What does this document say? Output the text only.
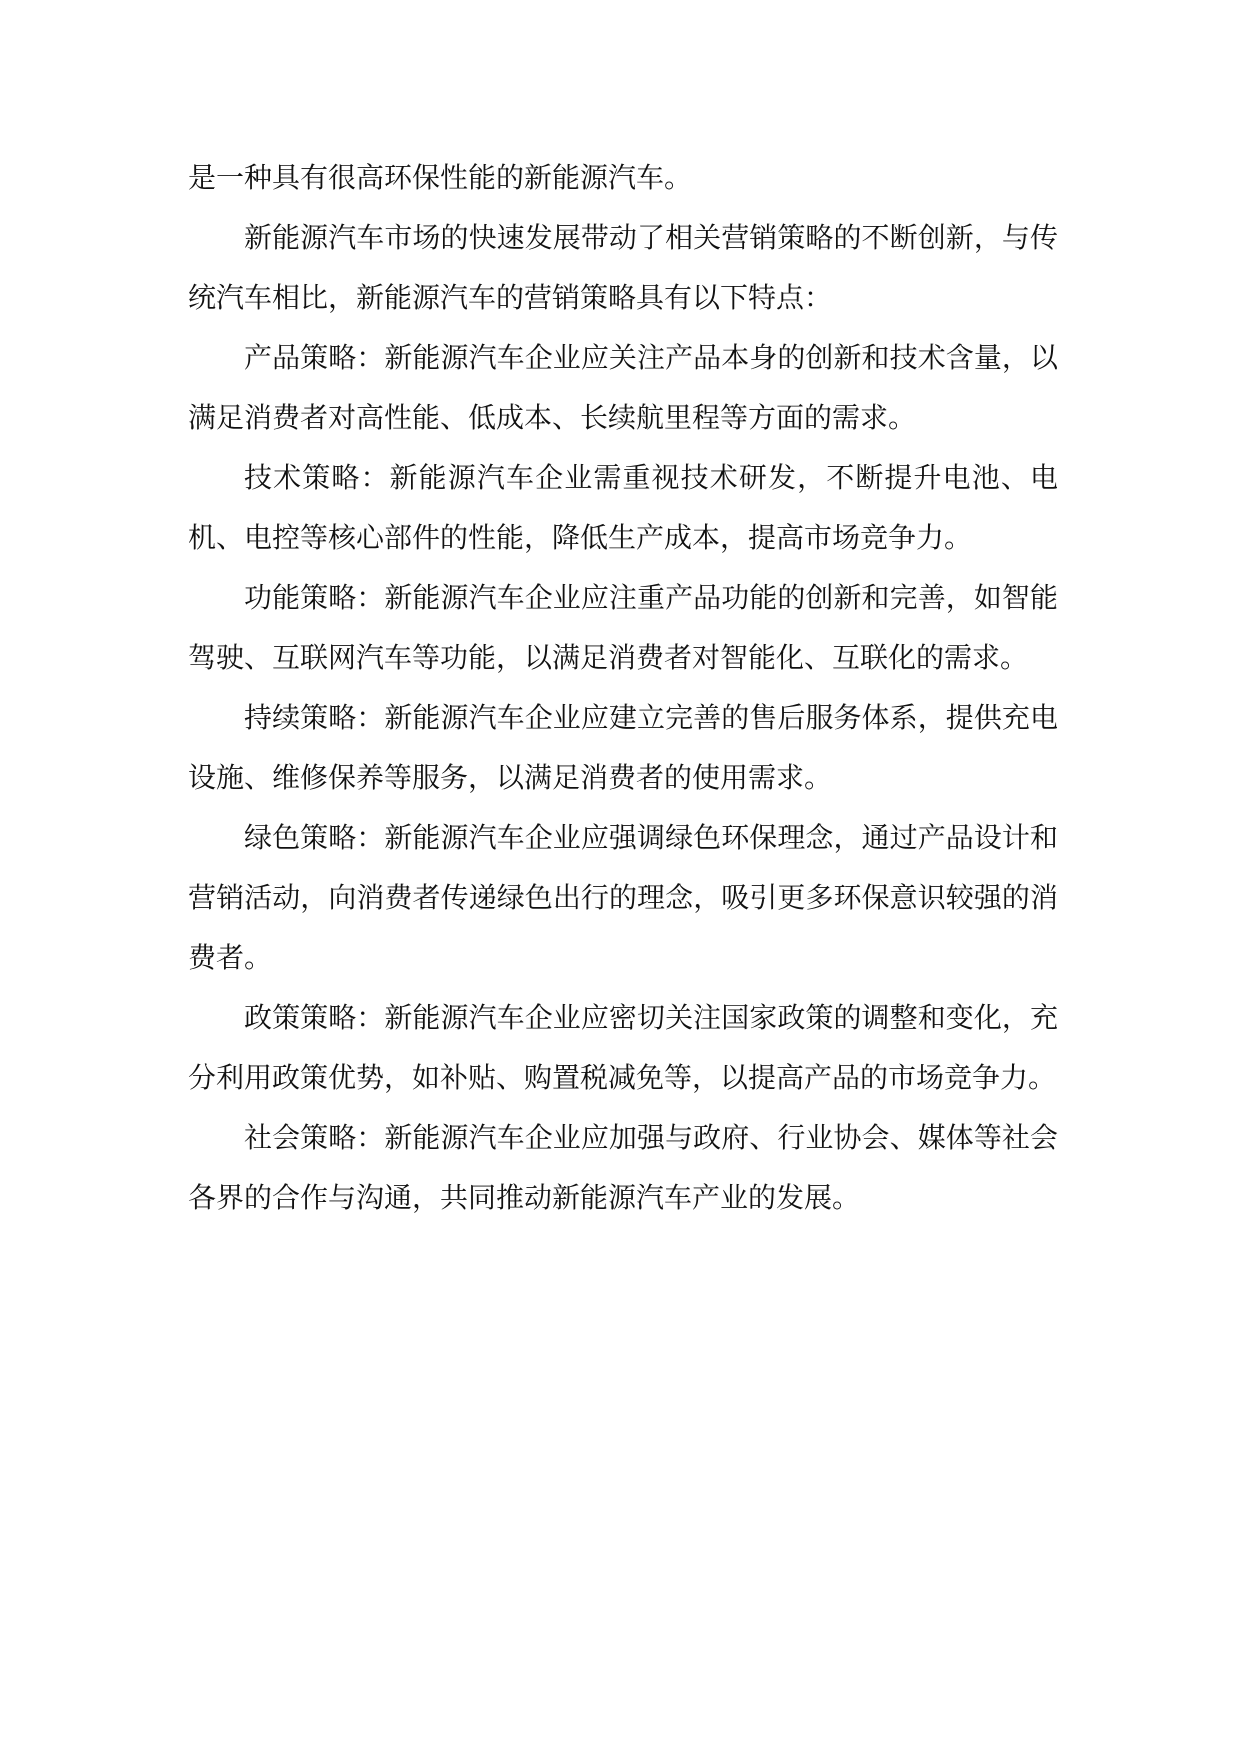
是一种具有很高环保性能的新能源汽车。

新能源汽车市场的快速发展带动了相关营销策略的不断创新，与传统汽车相比，新能源汽车的营销策略具有以下特点：

产品策略：新能源汽车企业应关注产品本身的创新和技术含量，以满足消费者对高性能、低成本、长续航里程等方面的需求。

技术策略：新能源汽车企业需重视技术研发，不断提升电池、电机、电控等核心部件的性能，降低生产成本，提高市场竞争力。

功能策略：新能源汽车企业应注重产品功能的创新和完善，如智能驾驶、互联网汽车等功能，以满足消费者对智能化、互联化的需求。

持续策略：新能源汽车企业应建立完善的售后服务体系，提供充电设施、维修保养等服务，以满足消费者的使用需求。

绿色策略：新能源汽车企业应强调绿色环保理念，通过产品设计和营销活动，向消费者传递绿色出行的理念，吸引更多环保意识较强的消费者。

政策策略：新能源汽车企业应密切关注国家政策的调整和变化，充分利用政策优势，如补贴、购置税减免等，以提高产品的市场竞争力。

社会策略：新能源汽车企业应加强与政府、行业协会、媒体等社会各界的合作与沟通，共同推动新能源汽车产业的发展。
